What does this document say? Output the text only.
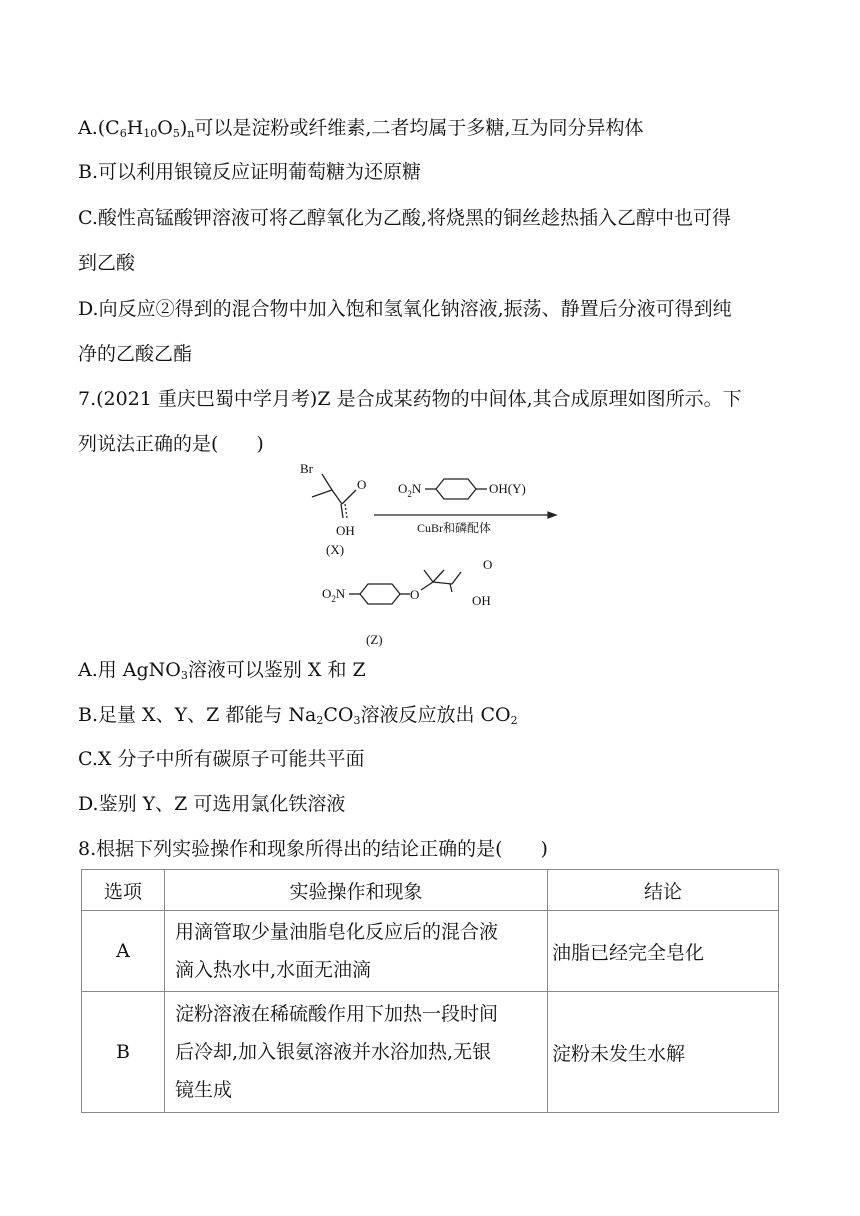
$A.(C_6H_{10}O_5)_n$可以是淀粉或纤维素,二者均属于多糖,互为同分异构体
B.可以利用银镜反应证明葡萄糖为还原糖
C.酸性高锰酸钾溶液可将乙醇氧化为乙酸,将烧黑的铜丝趁热插入乙醇中也可得
到乙酸
D.向反应②得到的混合物中加入饱和氢氧化钠溶液,振荡、静置后分液可得到纯
净的乙酸乙酯
7.(2021 重庆巴蜀中学月考)Z 是合成某药物的中间体,其合成原理如图所示。下
列说法正确的是(　　)
Br
O
OH
(X)
$O_2N$	OH(Y)
CuBr和磷配体
$O_2N$	O
O
OH
(Z)
A.用 AgNO$_3$溶液可以鉴别 X 和 Z
B.足量 X、Y、Z 都能与 $Na_2CO_3$溶液反应放出 $CO_2$
C.X 分子中所有碳原子可能共平面
D.鉴别 Y、Z 可选用氯化铁溶液
8.根据下列实验操作和现象所得出的结论正确的是(　　)
选项	实验操作和现象	结论
A	用滴管取少量油脂皂化反应后的混合液
滴入热水中,水面无油滴	油脂已经完全皂化
B	淀粉溶液在稀硫酸作用下加热一段时间
后冷却,加入银氨溶液并水浴加热,无银
镜生成	淀粉未发生水解
